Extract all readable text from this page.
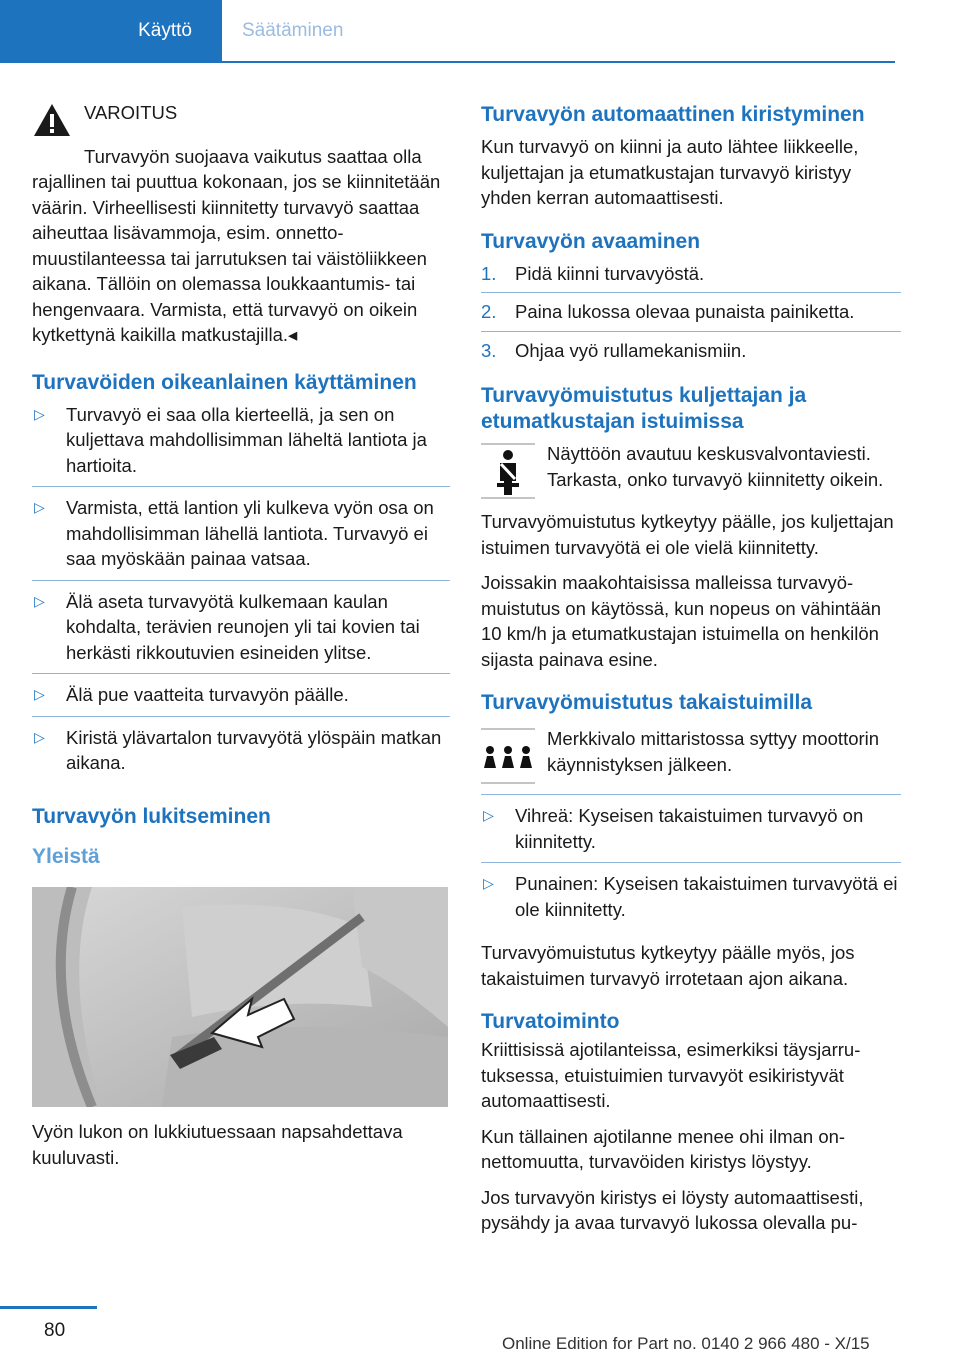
Käyttö	Säätäminen
VAROITUS

Turvavyön suojaava vaikutus saattaa olla rajallinen tai puuttua kokonaan, jos se kiinnitetään väärin. Virheellisesti kiinnitetty turvavyö saattaa aiheuttaa lisävammoja, esim. onnettomuustilanteessa tai jarrutuksen tai väistöliikkeen aikana. Tällöin on olemassa loukkaantumis- tai hengenvaara. Varmista, että turvavyö on oikein kytkettynä kaikilla matkustajilla.◂

Turvavöiden oikeanlainen käyttäminen
▷ Turvavyö ei saa olla kierteellä, ja sen on kuljettava mahdollisimman läheltä lantiota ja hartioita.
▷ Varmista, että lantion yli kulkeva vyön osa on mahdollisimman lähellä lantiota. Turvavyö ei saa myöskään painaa vatsaa.
▷ Älä aseta turvavyötä kulkemaan kaulan kohdalta, terävien reunojen yli tai kovien tai herkästi rikkoutuvien esineiden ylitse.
▷ Älä pue vaatteita turvavyön päälle.
▷ Kiristä ylävartalon turvavyötä ylöspäin matkan aikana.
Turvavyön lukitseminen
Yleistä

Vyön lukon on lukkiutuessaan napsahdettava kuuluvasti.

Turvavyön automaattinen kiristyminen

Kun turvavyö on kiinni ja auto lähtee liikkeelle, kuljettajan ja etumatkustajan turvavyö kiristyy yhden kerran automaattisesti.

Turvavyön avaaminen
1. Pidä kiinni turvavyöstä.
2. Paina lukossa olevaa punaista painiketta.
3. Ohjaa vyö rullamekanismiin.
Turvavyömuistutus kuljettajan ja etumatkustajan istuimissa

Näyttöön avautuu keskusvalvontaviesti. Tarkasta, onko turvavyö kiinnitetty oikein.

Turvavyömuistutus kytkeytyy päälle, jos kuljettajan istuimen turvavyötä ei ole vielä kiinnitetty.

Joissakin maakohtaisissa malleissa turvavyömuistutus on käytössä, kun nopeus on vähintään 10 km/h ja etumatkustajan istuimella on henkilön sijasta painava esine.

Turvavyömuistutus takaistuimilla

Merkkivalo mittaristossa syttyy moottorin käynnistyksen jälkeen.

▷ Vihreä: Kyseisen takaistuimen turvavyö on kiinnitetty.
▷ Punainen: Kyseisen takaistuimen turvavyötä ei ole kiinnitetty.

Turvavyömuistutus kytkeytyy päälle myös, jos takaistuimen turvavyö irrotetaan ajon aikana.

Turvatoiminto

Kriittisissä ajotilanteissa, esimerkiksi täysjarrutuksessa, etuistuimien turvavyöt esikiristyvät automaattisesti.

Kun tällainen ajotilanne menee ohi ilman onnettomuutta, turvavöiden kiristys löystyy.

Jos turvavyön kiristys ei löysty automaattisesti, pysähdy ja avaa turvavyö lukossa olevalla pu-

80
Online Edition for Part no. 0140 2 966 480 - X/15
